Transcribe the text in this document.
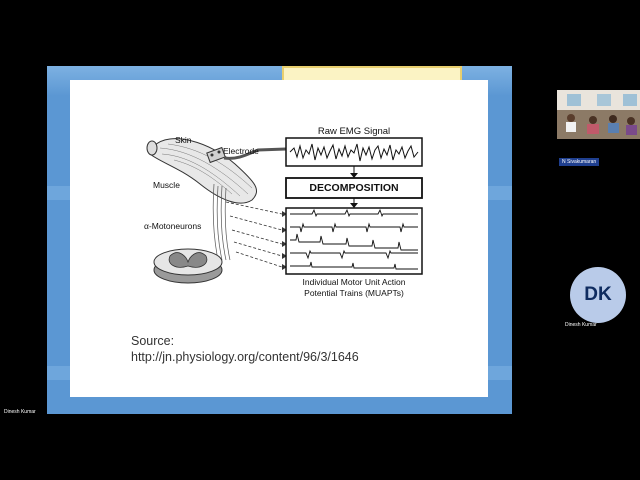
Raw EMG Signal
DECOMPOSITION
Skin
Electrode
Muscle
α-Motoneurons
Individual Motor Unit Action
Potential Trains (MUAPTs)
Source:
http://jn.physiology.org/content/96/3/1646
N Sivakumaran
DK
Dinesh Kumar
Dinesh Kumar
